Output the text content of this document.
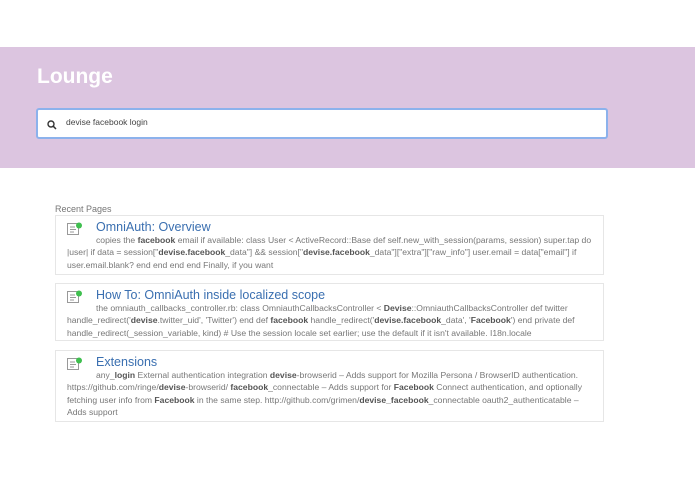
Lounge
devise facebook login
Recent Pages
OmniAuth: Overview
copies the facebook email if available: class User < ActiveRecord::Base def self.new_with_session(params, session) super.tap do |user| if data = session["devise.facebook_data"] && session["devise.facebook_data"]["extra"]["raw_info"] user.email = data["email"] if user.email.blank? end end end end Finally, if you want
How To: OmniAuth inside localized scope
the omniauth_callbacks_controller.rb: class OmniauthCallbacksController < Devise::OmniauthCallbacksController def twitter handle_redirect('devise.twitter_uid', 'Twitter') end def facebook handle_redirect('devise.facebook_data', 'Facebook') end private def handle_redirect(_session_variable, kind) # Use the session locale set earlier; use the default if it isn't available. I18n.locale
Extensions
any_login External authentication integration devise-browserid – Adds support for Mozilla Persona / BrowserID authentication. https://github.com/ringe/devise-browserid/ facebook_connectable – Adds support for Facebook Connect authentication, and optionally fetching user info from Facebook in the same step. http://github.com/grimen/devise_facebook_connectable oauth2_authenticatable – Adds support
